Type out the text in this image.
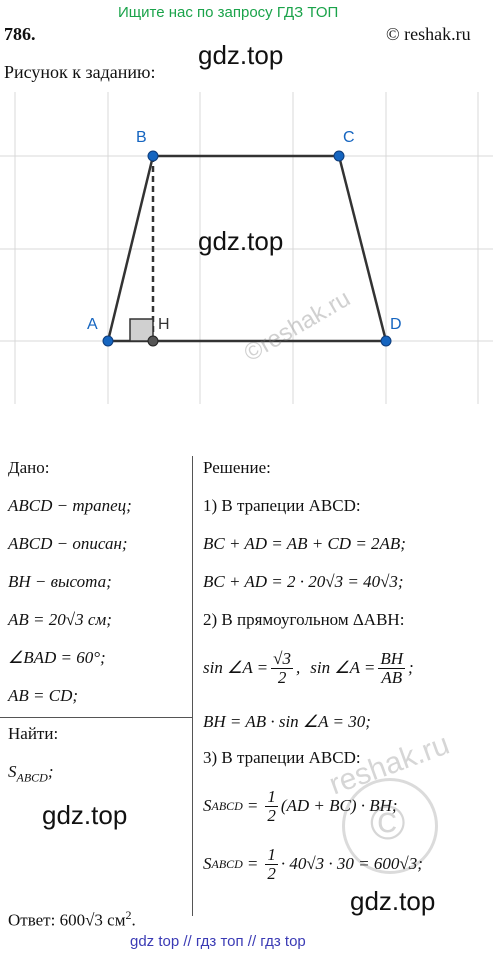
Ищите нас по запросу ГДЗ ТОП
786.	© reshak.ru
gdz.top
Рисунок к заданию:
A
B	C
D
H	©reshak.ru
gdz.top
Дано:
ABCD − трапец;
ABCD − описан;
BH − высота;
AB = 20√3 см;
∠BAD = 60°;
AB = CD;
Найти:
$S_{ABCD}$;
gdz.top
Решение:
1) В трапеции ABCD:
BC + AD = AB + CD = 2AB;
BC + AD = 2 · 20√3 = 40√3;
2) В прямоугольном ΔABH:
sin ∠A = $\frac{√3}{2}$ , sin ∠A = $\frac{BH}{AB}$ ;
BH = AB · sin ∠A = 30;
3) В трапеции ABCD:
S ABCD = $\frac{1}{2} (AD + BC)$ · BH;
S ABCD = $\frac{1}{2} \cdot 40√3 \cdot 30 = 600√3$;
gdz.top
©
reshak.ru
Ответ: 600√3 $см^2$.
gdz top // гдз топ // гдз top
